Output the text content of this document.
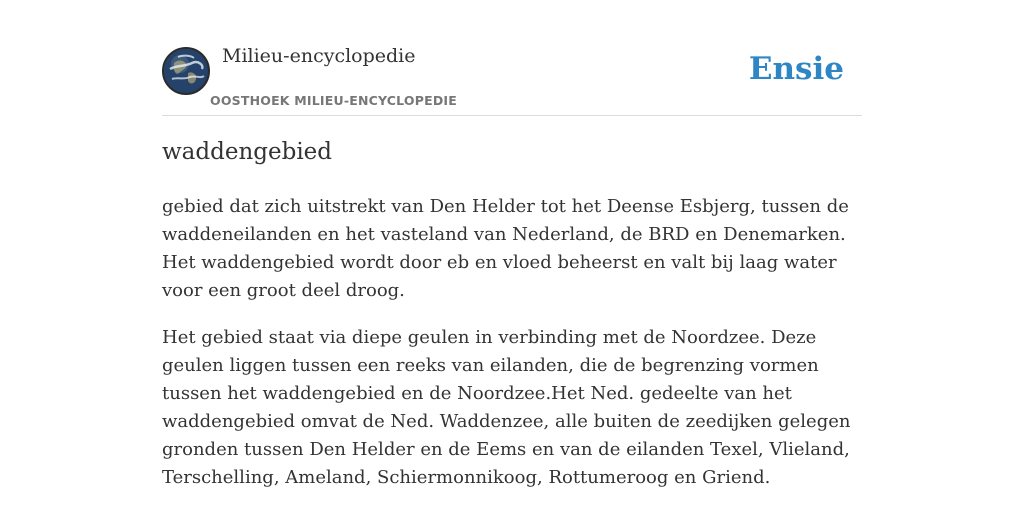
Milieu-encyclopedie
OOSTHOEK MILIEU-ENCYCLOPEDIE
Ensie
waddengebied

gebied dat zich uitstrekt van Den Helder tot het Deense Esbjerg, tussen de waddeneilanden en het vasteland van Nederland, de BRD en Denemarken. Het waddengebied wordt door eb en vloed beheerst en valt bij laag water voor een groot deel droog.

Het gebied staat via diepe geulen in verbinding met de Noordzee. Deze geulen liggen tussen een reeks van eilanden, die de begrenzing vormen tussen het waddengebied en de Noordzee.Het Ned. gedeelte van het waddengebied omvat de Ned. Waddenzee, alle buiten de zeedijken gelegen gronden tussen Den Helder en de Eems en van de eilanden Texel, Vlieland, Terschelling, Ameland, Schiermonnikoog, Rottumeroog en Griend.
